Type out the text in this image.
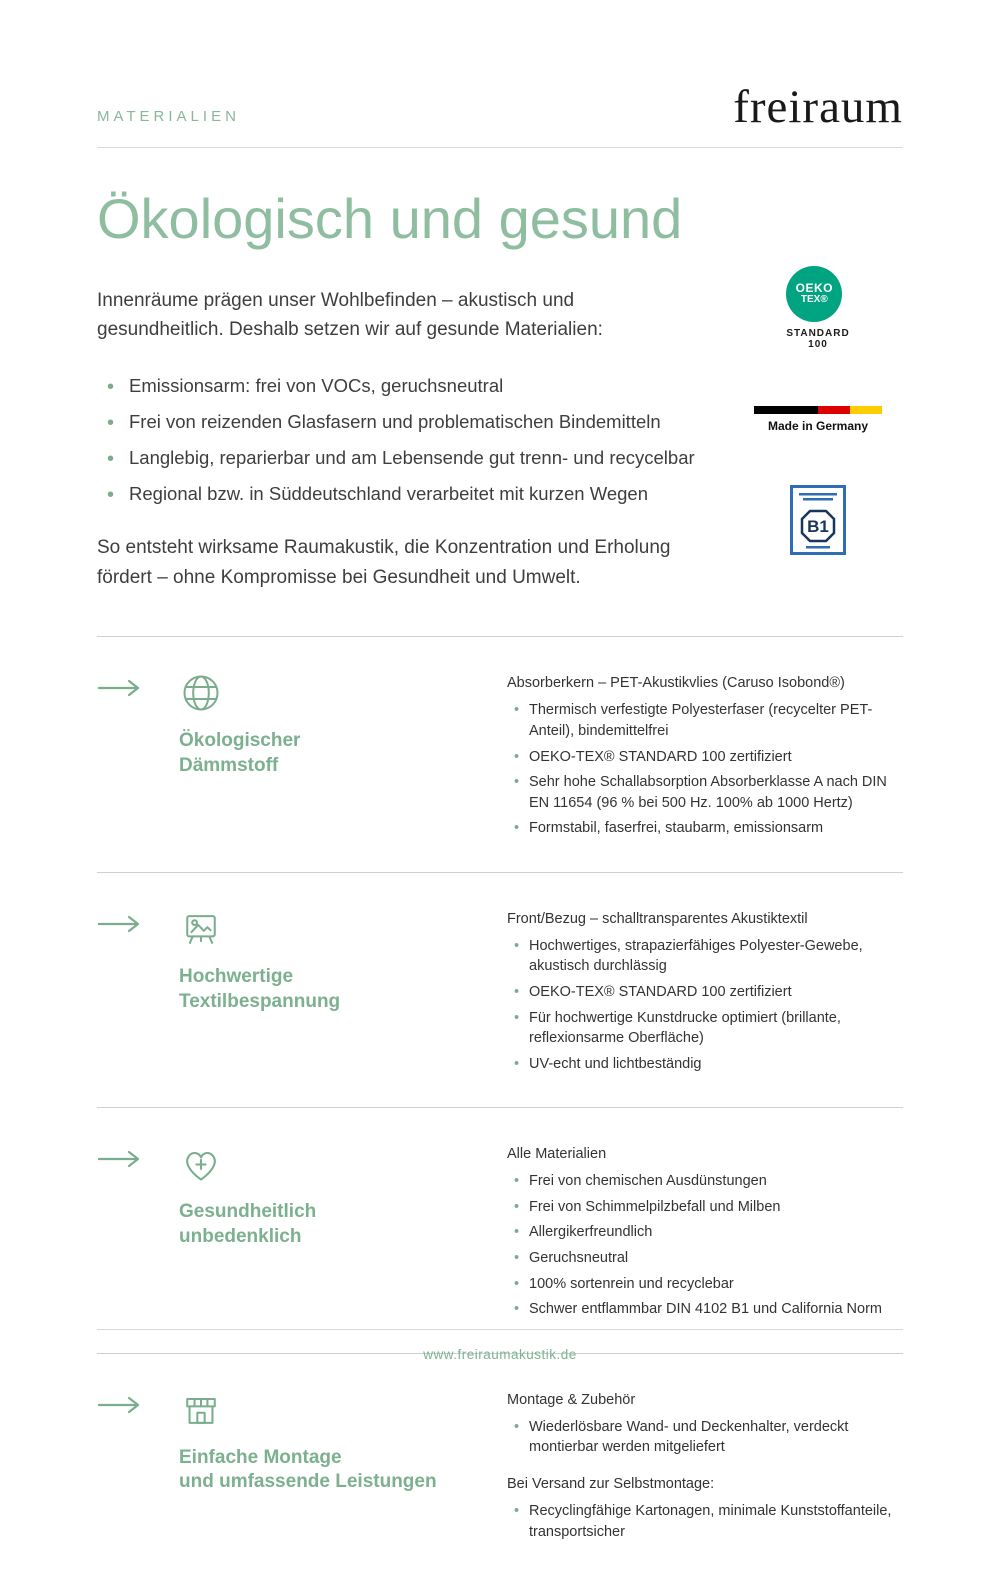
MATERIALIEN	freiraum
Ökologisch und gesund

Innenräume prägen unser Wohlbefinden – akustisch und gesundheitlich. Deshalb setzen wir auf gesunde Materialien:

• Emissionsarm: frei von VOCs, geruchsneutral
• Frei von reizenden Glasfasern und problematischen Bindemitteln
• Langlebig, reparierbar und am Lebensende gut trenn- und recycelbar
• Regional bzw. in Süddeutschland verarbeitet mit kurzen Wegen

So entsteht wirksame Raumakustik, die Konzentration und Erholung fördert – ohne Kompromisse bei Gesundheit und Umwelt.

Ökologischer
Dämmstoff
Absorberkern – PET-Akustikvlies (Caruso Isobond®)
• Thermisch verfestigte Polyesterfaser (recycelter PET-Anteil), bindemittelfrei
• OEKO-TEX® STANDARD 100 zertifiziert
• Sehr hohe Schallabsorption Absorberklasse A nach DIN EN 11654 (96 % bei 500 Hz. 100% ab 1000 Hertz)
• Formstabil, faserfrei, staubarm, emissionsarm
Hochwertige
Textilbespannung
Front/Bezug – schalltransparentes Akustiktextil
• Hochwertiges, strapazierfähiges Polyester-Gewebe, akustisch durchlässig
• OEKO-TEX® STANDARD 100 zertifiziert
• Für hochwertige Kunstdrucke optimiert (brillante, reflexionsarme Oberfläche)
• UV-echt und lichtbeständig
Gesundheitlich
unbedenklich
Alle Materialien
• Frei von chemischen Ausdünstungen
• Frei von Schimmelpilzbefall und Milben
• Allergikerfreundlich
• Geruchsneutral
• 100% sortenrein und recyclebar
• Schwer entflammbar DIN 4102 B1 und California Norm
Einfache Montage
und umfassende Leistungen
Montage & Zubehör
• Wiederlösbare Wand- und Deckenhalter, verdeckt montierbar werden mitgeliefert
Bei Versand zur Selbstmontage:
• Recyclingfähige Kartonagen, minimale Kunststoffanteile, transportsicher
OEKO
TEX®
STANDARD
100
Made in Germany
B1
www.freiraumakustik.de
